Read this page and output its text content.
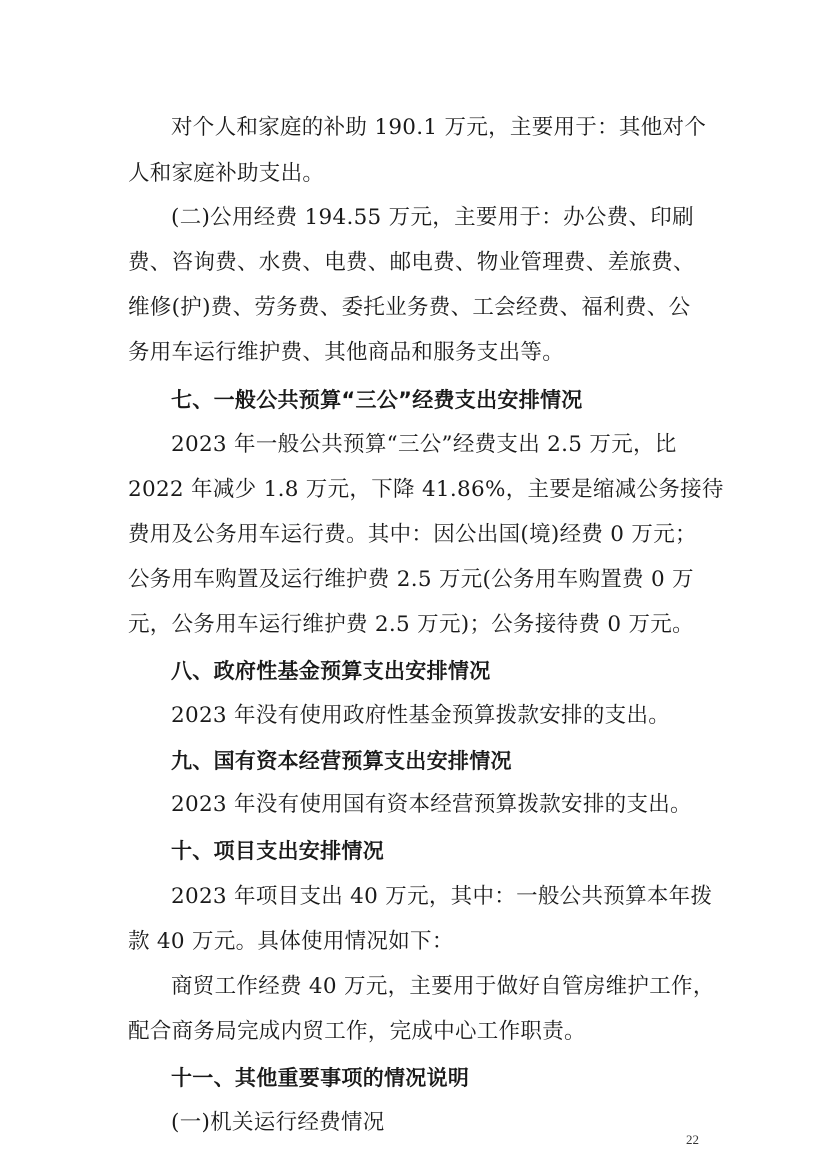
对个人和家庭的补助 190.1 万元，主要用于：其他对个
人和家庭补助支出。
(二)公用经费 194.55 万元，主要用于：办公费、印刷
费、咨询费、水费、电费、邮电费、物业管理费、差旅费、
维修(护)费、劳务费、委托业务费、工会经费、福利费、公
务用车运行维护费、其他商品和服务支出等。
七、一般公共预算“三公”经费支出安排情况
2023 年一般公共预算“三公”经费支出 2.5 万元，比
2022 年减少 1.8 万元，下降 41.86%，主要是缩减公务接待
费用及公务用车运行费。其中：因公出国(境)经费 0 万元；
公务用车购置及运行维护费 2.5 万元(公务用车购置费 0 万
元，公务用车运行维护费 2.5 万元)；公务接待费 0 万元。
八、政府性基金预算支出安排情况
2023 年没有使用政府性基金预算拨款安排的支出。
九、国有资本经营预算支出安排情况
2023 年没有使用国有资本经营预算拨款安排的支出。
十、项目支出安排情况
2023 年项目支出 40 万元，其中：一般公共预算本年拨
款 40 万元。具体使用情况如下：
商贸工作经费 40 万元，主要用于做好自管房维护工作，
配合商务局完成内贸工作，完成中心工作职责。
十一、其他重要事项的情况说明
(一)机关运行经费情况
22
